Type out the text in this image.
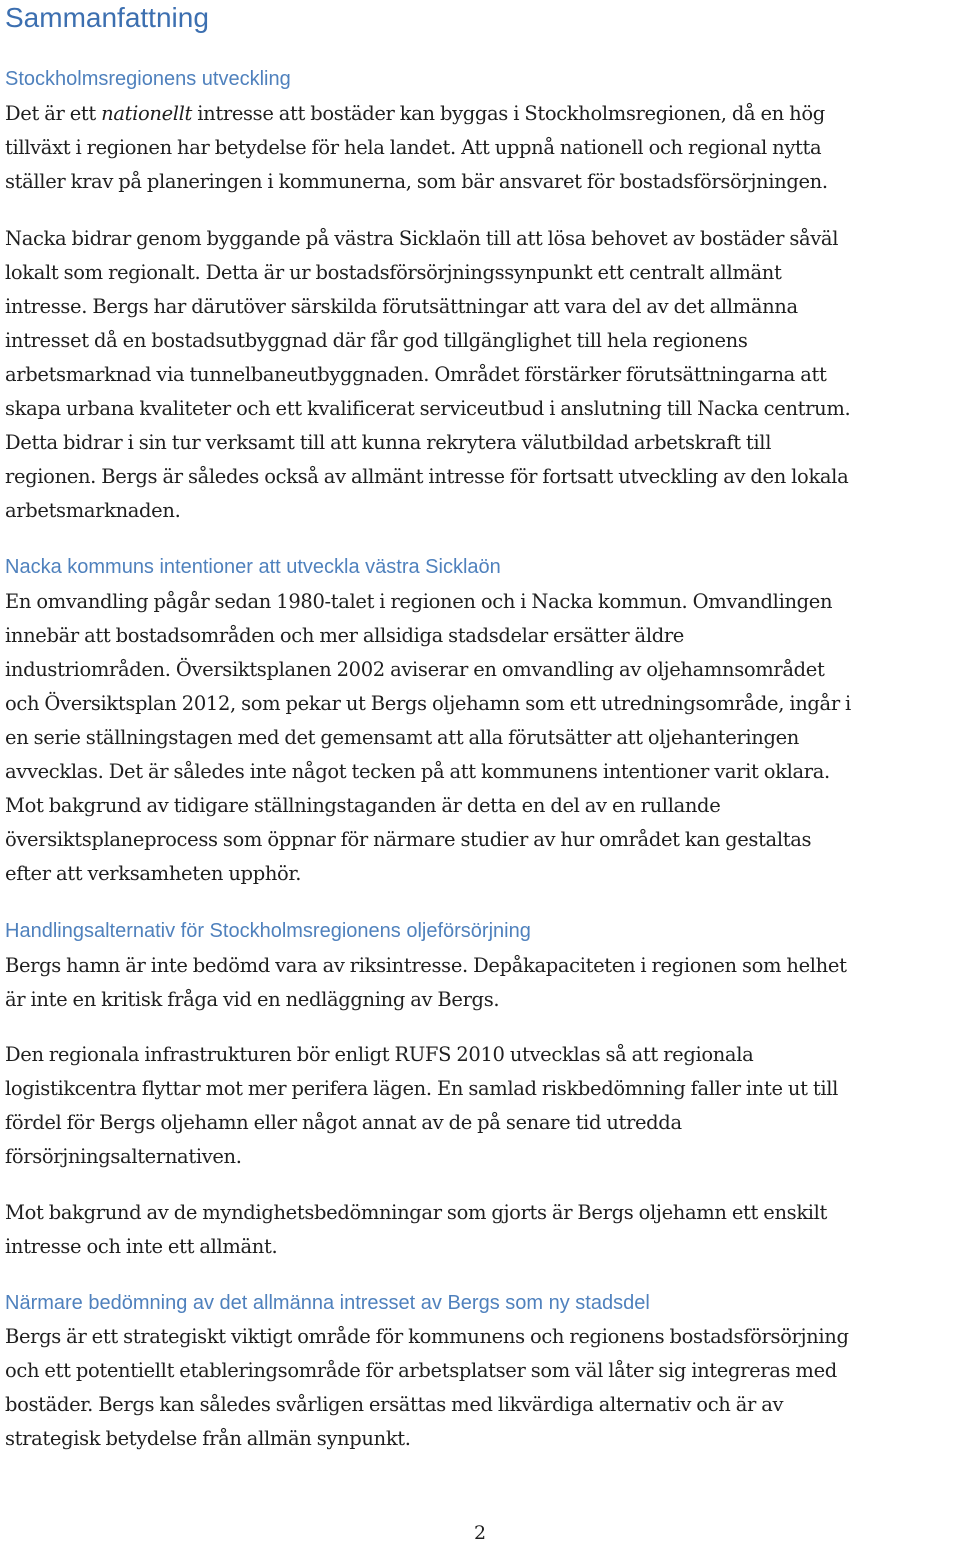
Sammanfattning
Stockholmsregionens utveckling

Det är ett nationellt intresse att bostäder kan byggas i Stockholmsregionen, då en hög
tillväxt i regionen har betydelse för hela landet. Att uppnå nationell och regional nytta
ställer krav på planeringen i kommunerna, som bär ansvaret för bostadsförsörjningen.

Nacka bidrar genom byggande på västra Sicklaön till att lösa behovet av bostäder såväl
lokalt som regionalt. Detta är ur bostadsförsörjningssynpunkt ett centralt allmänt
intresse. Bergs har därutöver särskilda förutsättningar att vara del av det allmänna
intresset då en bostadsutbyggnad där får god tillgänglighet till hela regionens
arbetsmarknad via tunnelbaneutbyggnaden. Området förstärker förutsättningarna att
skapa urbana kvaliteter och ett kvalificerat serviceutbud i anslutning till Nacka centrum.
Detta bidrar i sin tur verksamt till att kunna rekrytera välutbildad arbetskraft till
regionen. Bergs är således också av allmänt intresse för fortsatt utveckling av den lokala
arbetsmarknaden.

Nacka kommuns intentioner att utveckla västra Sicklaön

En omvandling pågår sedan 1980-talet i regionen och i Nacka kommun. Omvandlingen
innebär att bostadsområden och mer allsidiga stadsdelar ersätter äldre
industriområden. Översiktsplanen 2002 aviserar en omvandling av oljehamnsområdet
och Översiktsplan 2012, som pekar ut Bergs oljehamn som ett utredningsområde, ingår i
en serie ställningstagen med det gemensamt att alla förutsätter att oljehanteringen
avvecklas. Det är således inte något tecken på att kommunens intentioner varit oklara.
Mot bakgrund av tidigare ställningstaganden är detta en del av en rullande
översiktsplaneprocess som öppnar för närmare studier av hur området kan gestaltas
efter att verksamheten upphör.

Handlingsalternativ för Stockholmsregionens oljeförsörjning

Bergs hamn är inte bedömd vara av riksintresse. Depåkapaciteten i regionen som helhet
är inte en kritisk fråga vid en nedläggning av Bergs.

Den regionala infrastrukturen bör enligt RUFS 2010 utvecklas så att regionala
logistikcentra flyttar mot mer perifera lägen. En samlad riskbedömning faller inte ut till
fördel för Bergs oljehamn eller något annat av de på senare tid utredda
försörjningsalternativen.

Mot bakgrund av de myndighetsbedömningar som gjorts är Bergs oljehamn ett enskilt
intresse och inte ett allmänt.

Närmare bedömning av det allmänna intresset av Bergs som ny stadsdel

Bergs är ett strategiskt viktigt område för kommunens och regionens bostadsförsörjning
och ett potentiellt etableringsområde för arbetsplatser som väl låter sig integreras med
bostäder. Bergs kan således svårligen ersättas med likvärdiga alternativ och är av
strategisk betydelse från allmän synpunkt.

2
